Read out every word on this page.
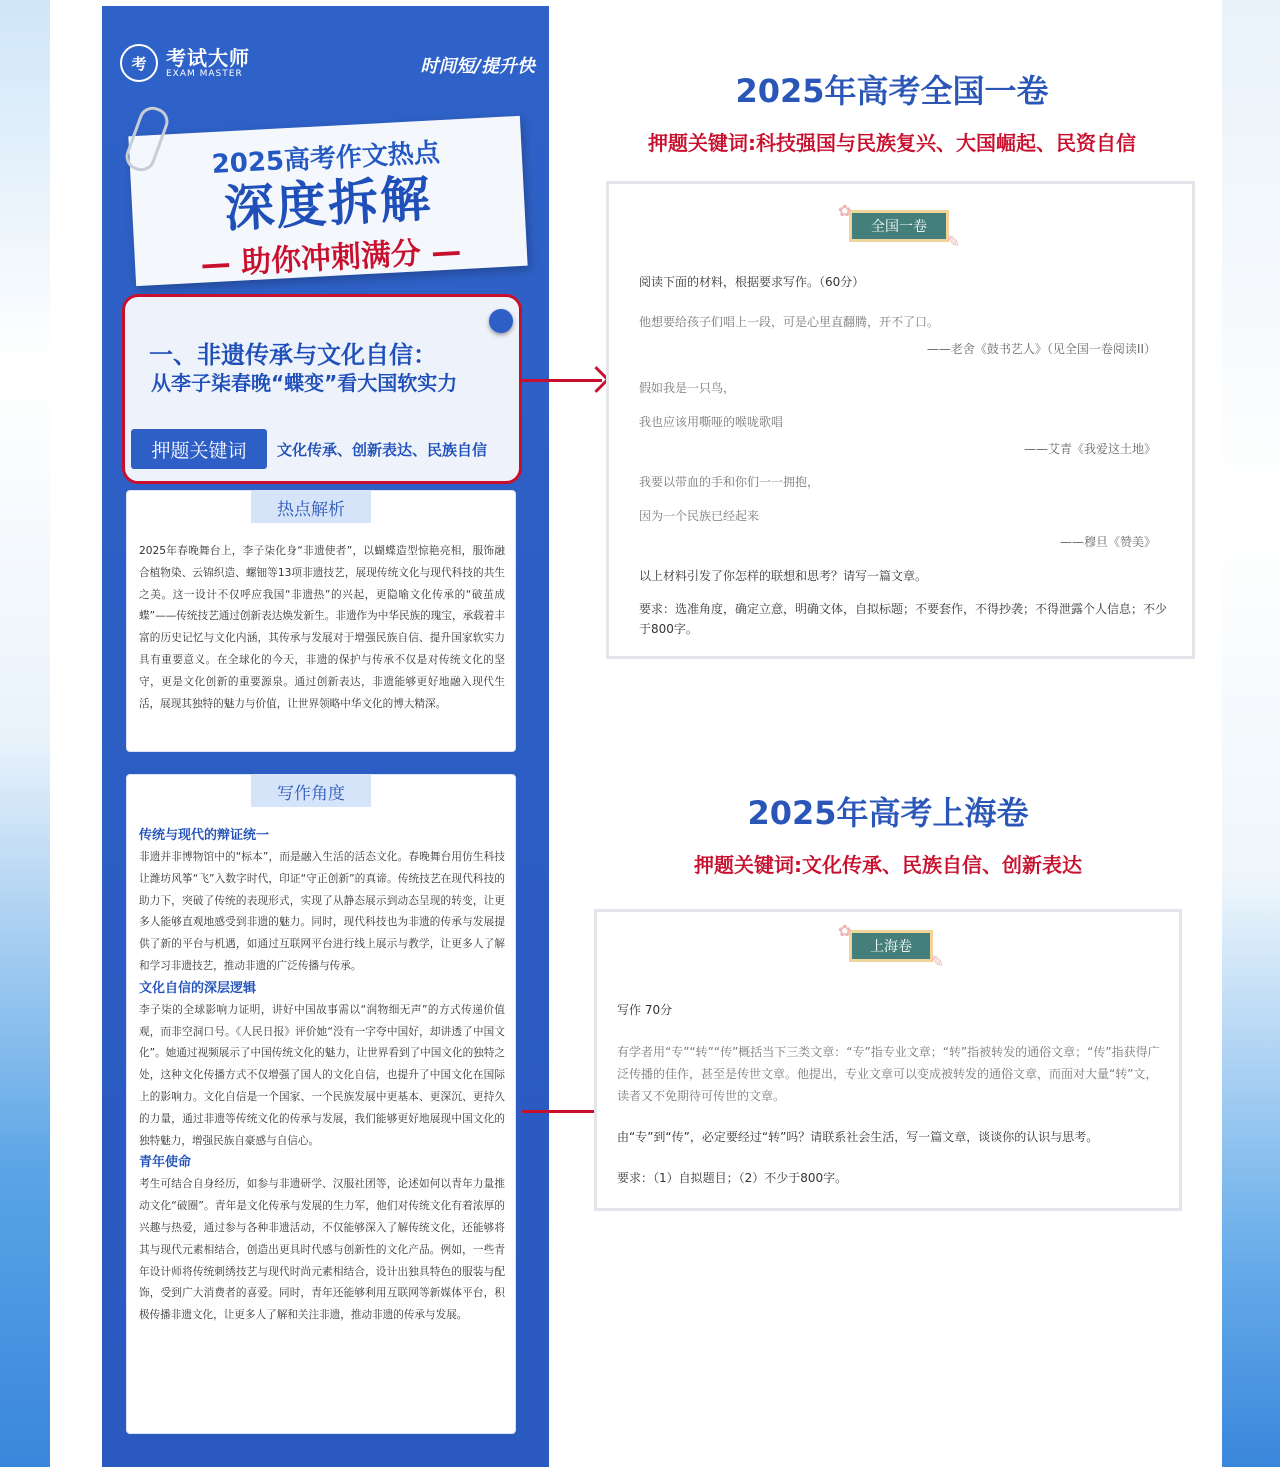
考 考试大师
EXAM MASTER	时间短/提升快
2025高考作文热点
深度拆解
— 助你冲刺满分 —
一、非遗传承与文化自信：
从李子柒春晚“蝶变”看大国软实力
押题关键词	文化传承、创新表达、民族自信
热点解析
2025年春晚舞台上，李子柒化身“非遗使者”，以蝴蝶造型惊艳亮相，服饰融合植物染、云锦织造、螺钿等13项非遗技艺，展现传统文化与现代科技的共生之美。这一设计不仅呼应我国“非遗热”的兴起，更隐喻文化传承的“破茧成蝶”——传统技艺通过创新表达焕发新生。非遗作为中华民族的瑰宝，承载着丰富的历史记忆与文化内涵，其传承与发展对于增强民族自信、提升国家软实力具有重要意义。在全球化的今天，非遗的保护与传承不仅是对传统文化的坚守，更是文化创新的重要源泉。通过创新表达，非遗能够更好地融入现代生活，展现其独特的魅力与价值，让世界领略中华文化的博大精深。
写作角度
传统与现代的辩证统一
非遗并非博物馆中的“标本”，而是融入生活的活态文化。春晚舞台用仿生科技让潍坊风筝“飞”入数字时代，印证“守正创新”的真谛。传统技艺在现代科技的助力下，突破了传统的表现形式，实现了从静态展示到动态呈现的转变，让更多人能够直观地感受到非遗的魅力。同时，现代科技也为非遗的传承与发展提供了新的平台与机遇，如通过互联网平台进行线上展示与教学，让更多人了解和学习非遗技艺，推动非遗的广泛传播与传承。
文化自信的深层逻辑
李子柒的全球影响力证明，讲好中国故事需以“润物细无声”的方式传递价值观，而非空洞口号。《人民日报》评价她“没有一字夸中国好，却讲透了中国文化”。她通过视频展示了中国传统文化的魅力，让世界看到了中国文化的独特之处，这种文化传播方式不仅增强了国人的文化自信，也提升了中国文化在国际上的影响力。文化自信是一个国家、一个民族发展中更基本、更深沉、更持久的力量，通过非遗等传统文化的传承与发展，我们能够更好地展现中国文化的独特魅力，增强民族自豪感与自信心。
青年使命
考生可结合自身经历，如参与非遗研学、汉服社团等，论述如何以青年力量推动文化“破圈”。青年是文化传承与发展的生力军，他们对传统文化有着浓厚的兴趣与热爱，通过参与各种非遗活动，不仅能够深入了解传统文化，还能够将其与现代元素相结合，创造出更具时代感与创新性的文化产品。例如，一些青年设计师将传统刺绣技艺与现代时尚元素相结合，设计出独具特色的服装与配饰，受到广大消费者的喜爱。同时，青年还能够利用互联网等新媒体平台，积极传播非遗文化，让更多人了解和关注非遗，推动非遗的传承与发展。
2025年高考全国一卷
押题关键词:科技强国与民族复兴、大国崛起、民资自信
✿
全国一卷
✎
阅读下面的材料，根据要求写作。（60分）
他想要给孩子们唱上一段，可是心里直翻腾，开不了口。
——老舍《鼓书艺人》（见全国一卷阅读II）
假如我是一只鸟，
我也应该用嘶哑的喉咙歌唱
——艾青《我爱这土地》
我要以带血的手和你们一一拥抱，
因为一个民族已经起来
——穆旦《赞美》
以上材料引发了你怎样的联想和思考？请写一篇文章。
要求：选准角度，确定立意，明确文体，自拟标题；不要套作，不得抄袭；不得泄露个人信息；不少于800字。
2025年高考上海卷
押题关键词:文化传承、民族自信、创新表达
✿
上海卷
✎
写作 70分
有学者用“专”“转”“传”概括当下三类文章：“专”指专业文章；“转”指被转发的通俗文章；“传”指获得广泛传播的佳作，甚至是传世文章。他提出，专业文章可以变成被转发的通俗文章，而面对大量“转”文，读者又不免期待可传世的文章。
由“专”到“传”，必定要经过“转”吗？请联系社会生活，写一篇文章，谈谈你的认识与思考。
要求：（1）自拟题目；（2）不少于800字。
